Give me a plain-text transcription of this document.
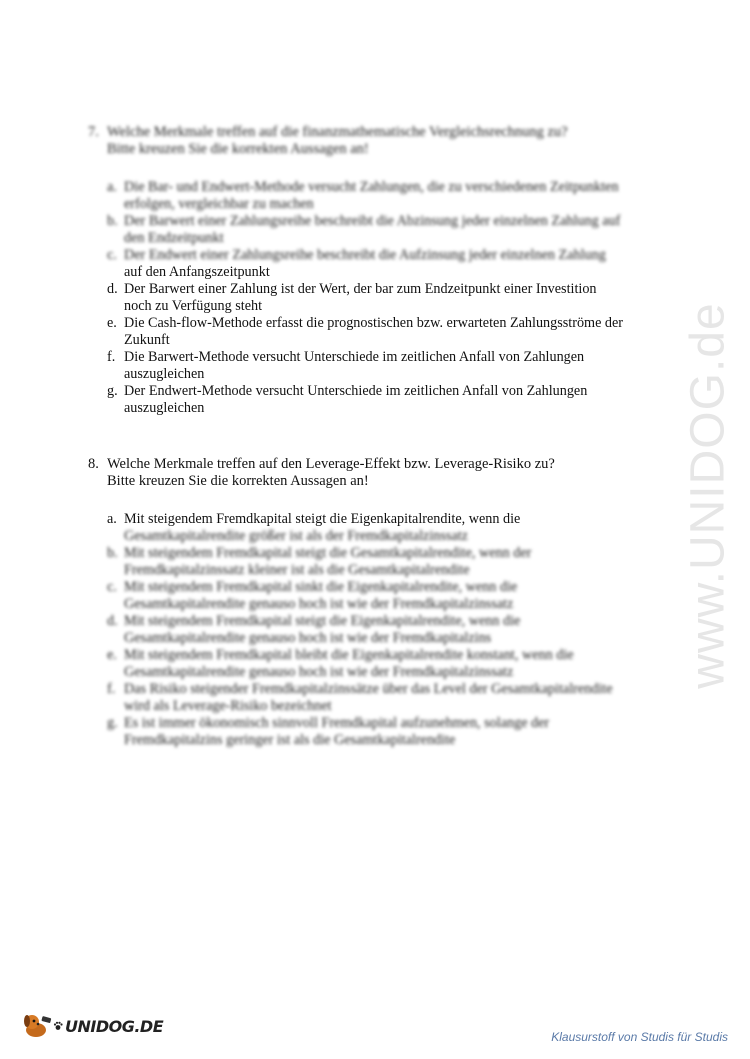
www.UNIDOG.de
7. Welche Merkmale treffen auf die finanzmathematische Vergleichsrechnung zu?
Bitte kreuzen Sie die korrekten Aussagen an!
a. Die Bar- und Endwert-Methode versucht Zahlungen, die zu verschiedenen Zeitpunkten
erfolgen, vergleichbar zu machen
b. Der Barwert einer Zahlungsreihe beschreibt die Abzinsung jeder einzelnen Zahlung auf
den Endzeitpunkt
c. Der Endwert einer Zahlungsreihe beschreibt die Aufzinsung jeder einzelnen Zahlung
auf den Anfangszeitpunkt
d. Der Barwert einer Zahlung ist der Wert, der bar zum Endzeitpunkt einer Investition
noch zu Verfügung steht
e. Die Cash-flow-Methode erfasst die prognostischen bzw. erwarteten Zahlungsströme der
Zukunft
f. Die Barwert-Methode versucht Unterschiede im zeitlichen Anfall von Zahlungen
auszugleichen
g. Der Endwert-Methode versucht Unterschiede im zeitlichen Anfall von Zahlungen
auszugleichen
8. Welche Merkmale treffen auf den Leverage-Effekt bzw. Leverage-Risiko zu?
Bitte kreuzen Sie die korrekten Aussagen an!
a. Mit steigendem Fremdkapital steigt die Eigenkapitalrendite, wenn die
Gesamtkapitalrendite größer ist als der Fremdkapitalzinssatz
b. Mit steigendem Fremdkapital steigt die Gesamtkapitalrendite, wenn der
Fremdkapitalzinssatz kleiner ist als die Gesamtkapitalrendite
c. Mit steigendem Fremdkapital sinkt die Eigenkapitalrendite, wenn die
Gesamtkapitalrendite genauso hoch ist wie der Fremdkapitalzinssatz
d. Mit steigendem Fremdkapital steigt die Eigenkapitalrendite, wenn die
Gesamtkapitalrendite genauso hoch ist wie der Fremdkapitalzins
e. Mit steigendem Fremdkapital bleibt die Eigenkapitalrendite konstant, wenn die
Gesamtkapitalrendite genauso hoch ist wie der Fremdkapitalzinssatz
f. Das Risiko steigender Fremdkapitalzinssätze über das Level der Gesamtkapitalrendite
wird als Leverage-Risiko bezeichnet
g. Es ist immer ökonomisch sinnvoll Fremdkapital aufzunehmen, solange der
Fremdkapitalzins geringer ist als die Gesamtkapitalrendite
UNIDOG.DE
Klausurstoff von Studis für Studis
